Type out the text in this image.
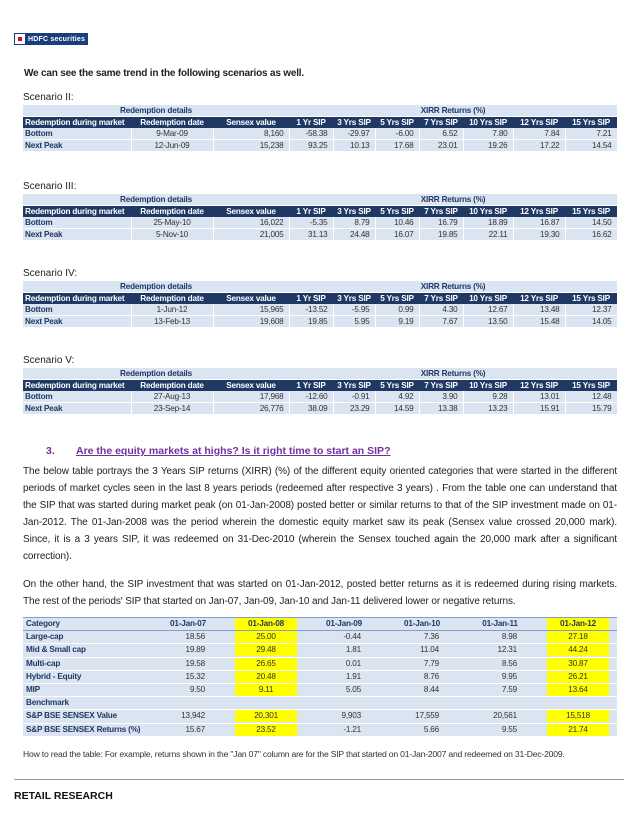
HDFC securities
We can see the same trend in the following scenarios as well.
Scenario II:
Redemption details			XIRR Returns (%)						
Redemption during market	Redemption date	Sensex value	1 Yr SIP	3 Yrs SIP	5 Yrs SIP	7 Yrs SIP	10 Yrs SIP	12 Yrs SIP	15 Yrs SIP
Bottom	9-Mar-09	8,160	-58.38	-29.97	-6.00	6.52	7.80	7.84	7.21
Next Peak	12-Jun-09	15,238	93.25	10.13	17.68	23.01	19.26	17.22	14.54
Scenario III:
Redemption details			XIRR Returns (%)						
Redemption during market	Redemption date	Sensex value	1 Yr SIP	3 Yrs SIP	5 Yrs SIP	7 Yrs SIP	10 Yrs SIP	12 Yrs SIP	15 Yrs SIP
Bottom	25-May-10	16,022	-5.35	8.79	10.46	16.79	18.89	16.87	14.50
Next Peak	5-Nov-10	21,005	31.13	24.48	16.07	19.85	22.11	19.30	16.62
Scenario IV:
Redemption details			XIRR Returns (%)						
Redemption during market	Redemption date	Sensex value	1 Yr SIP	3 Yrs SIP	5 Yrs SIP	7 Yrs SIP	10 Yrs SIP	12 Yrs SIP	15 Yrs SIP
Bottom	1-Jun-12	15,965	-13.52	-5.95	0.99	4.30	12.67	13.48	12.37
Next Peak	13-Feb-13	19,608	19.85	5.95	9.19	7.67	13.50	15.48	14.05
Scenario V:
Redemption details			XIRR Returns (%)						
Redemption during market	Redemption date	Sensex value	1 Yr SIP	3 Yrs SIP	5 Yrs SIP	7 Yrs SIP	10 Yrs SIP	12 Yrs SIP	15 Yrs SIP
Bottom	27-Aug-13	17,968	-12.60	-0.91	4.92	3.90	9.28	13.01	12.48
Next Peak	23-Sep-14	26,776	38.09	23.29	14.59	13.38	13.23	15.91	15.79
3. Are the equity markets at highs? Is it right time to start an SIP?
The below table portrays the 3 Years SIP returns (XIRR) (%) of the different equity oriented categories that were started in the different periods of market cycles seen in the last 8 years periods (redeemed after respective 3 years) . From the table one can understand that the SIP that was started during market peak (on 01-Jan-2008) posted better or similar returns to that of the SIP investment made on 01-Jan-2012. The 01-Jan-2008 was the period wherein the domestic equity market saw its peak (Sensex value crossed 20,000 mark). Since, it is a 3 years SIP, it was redeemed on 31-Dec-2010 (wherein the Sensex touched again the 20,000 mark after a significant correction).
On the other hand, the SIP investment that was started on 01-Jan-2012, posted better returns as it is redeemed during rising markets. The rest of the periods' SIP that started on Jan-07, Jan-09, Jan-10 and Jan-11 delivered lower or negative returns.
Category	01-Jan-07	01-Jan-08	01-Jan-09	01-Jan-10	01-Jan-11	01-Jan-12
Large-cap	18.56	25.00	-0.44	7.36	8.98	27.18
Mid & Small cap	19.89	29.48	1.81	11.04	12.31	44.24
Multi-cap	19.58	26.65	0.01	7.79	8.56	30.87
Hybrid - Equity	15.32	20.48	1.91	8.76	9.95	26.21
MIP	9.50	9.11	5.05	8.44	7.59	13.64
Benchmark						
S&P BSE SENSEX Value	13,942	20,301	9,903	17,559	20,561	15,518
S&P BSE SENSEX Returns (%)	15.67	23.52	-1.21	5.66	9.55	21.74
How to read the table: For example, returns shown in the "Jan 07" column are for the SIP that started on 01-Jan-2007 and redeemed on 31-Dec-2009.
RETAIL RESEARCH
